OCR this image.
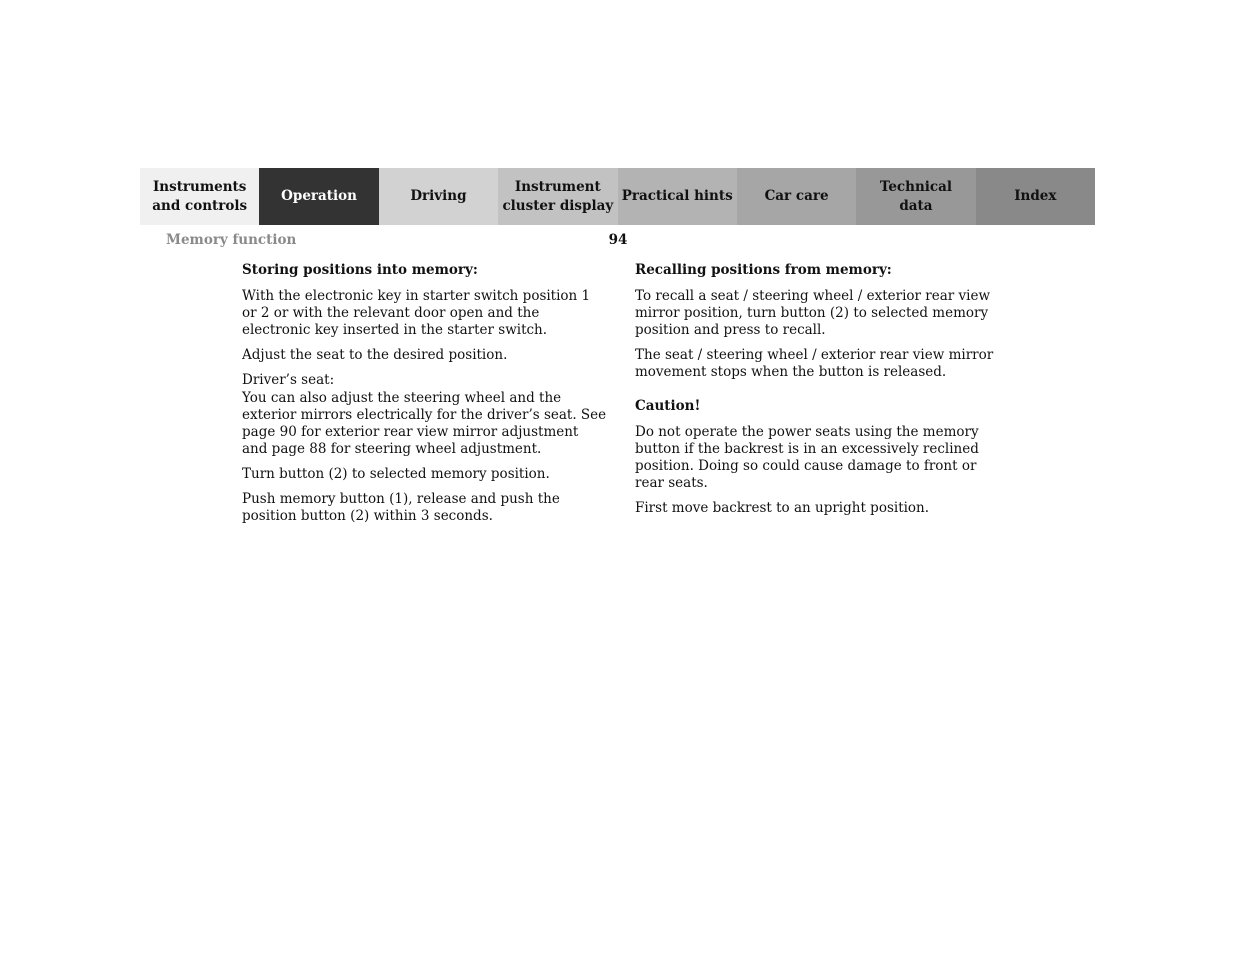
Instruments
and controls
Operation	Driving
Instrument
cluster display
Practical hints Car care
Technical
data
Index
Memory function	94
Storing positions into memory:
With the electronic key in starter switch position 1 or 2 or with the relevant door open and the electronic key inserted in the starter switch.
Adjust the seat to the desired position.
Driver’s seat:
You can also adjust the steering wheel and the exterior mirrors electrically for the driver’s seat. See page 90 for exterior rear view mirror adjustment and page 88 for steering wheel adjustment.
Turn button (2) to selected memory position.
Push memory button (1), release and push the position button (2) within 3 seconds.
Recalling positions from memory:
To recall a seat / steering wheel / exterior rear view mirror position, turn button (2) to selected memory position and press to recall.
The seat / steering wheel / exterior rear view mirror movement stops when the button is released.
Caution!
Do not operate the power seats using the memory button if the backrest is in an excessively reclined position. Doing so could cause damage to front or rear seats.
First move backrest to an upright position.
